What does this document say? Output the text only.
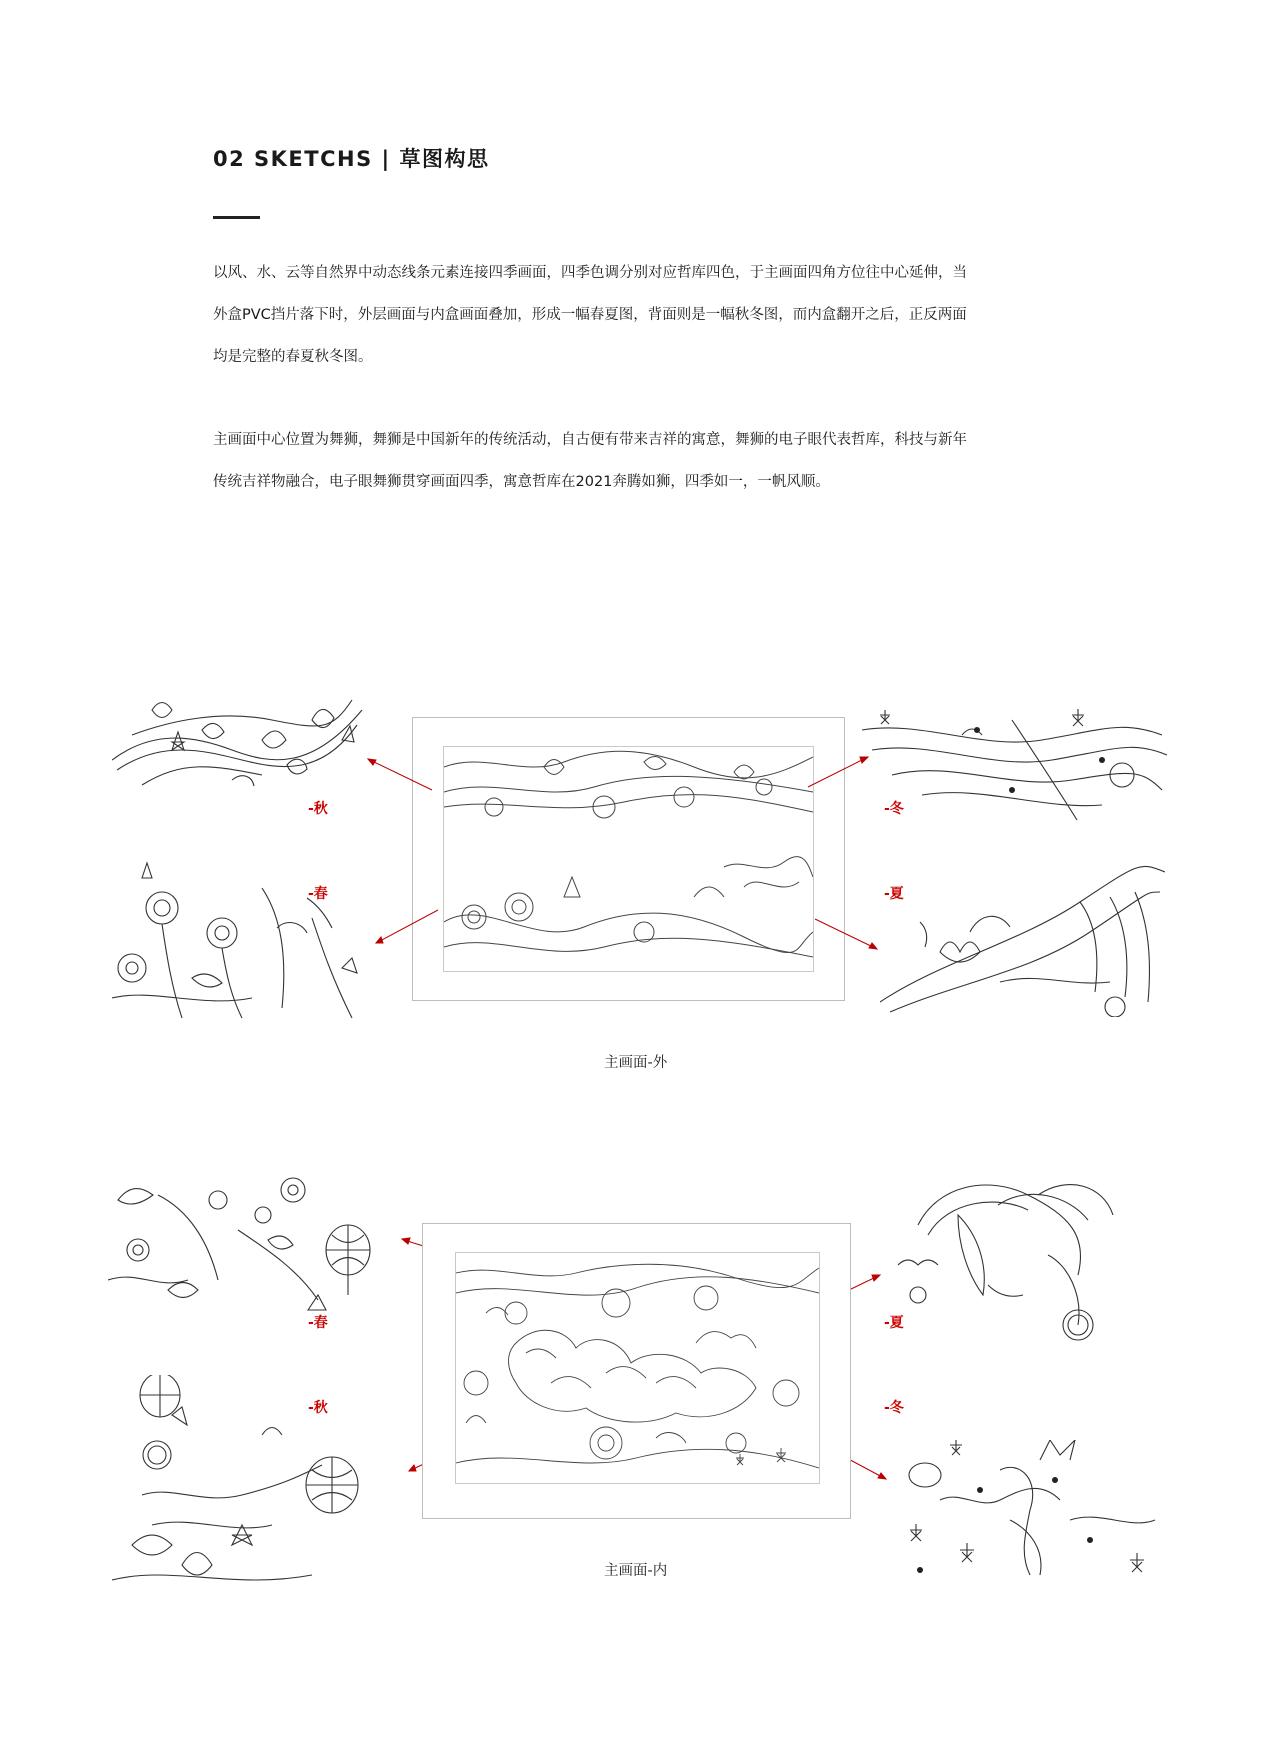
02 SKETCHS | 草图构思
以风、水、云等自然界中动态线条元素连接四季画面，四季色调分别对应哲库四色，于主画面四角方位往中心延伸，当
外盒PVC挡片落下时，外层画面与内盒画面叠加，形成一幅春夏图，背面则是一幅秋冬图，而内盒翻开之后，正反两面
均是完整的春夏秋冬图。
主画面中心位置为舞狮，舞狮是中国新年的传统活动，自古便有带来吉祥的寓意，舞狮的电子眼代表哲库，科技与新年
传统吉祥物融合，电子眼舞狮贯穿画面四季，寓意哲库在2021奔腾如狮，四季如一，一帆风顺。
-秋
-春
-冬
-夏
主画面-外
-春
-秋
-夏
-冬
主画面-内
